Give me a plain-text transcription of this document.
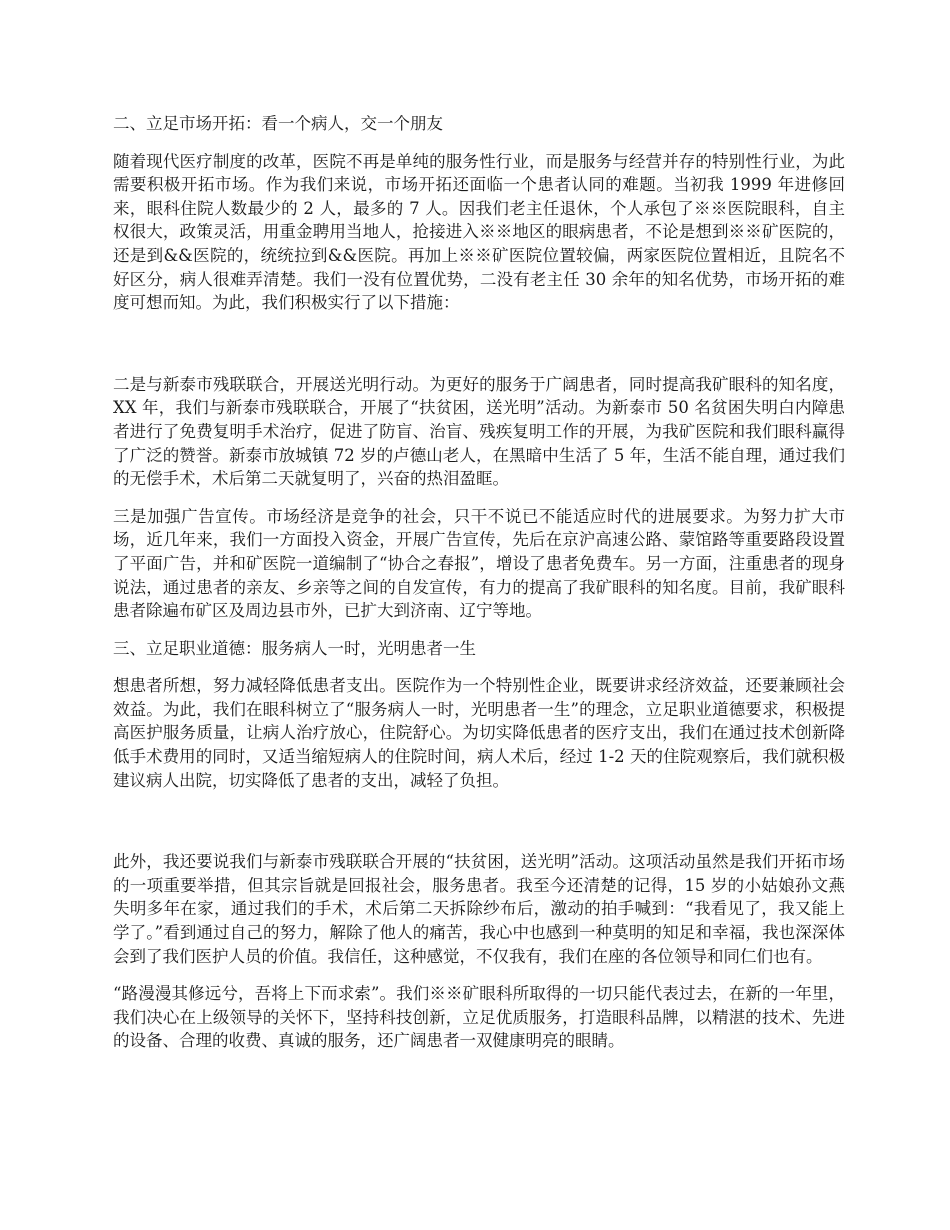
二、立足市场开拓：看一个病人，交一个朋友

随着现代医疗制度的改革，医院不再是单纯的服务性行业，而是服务与经营并存的特别性行业，为此需要积极开拓市场。作为我们来说，市场开拓还面临一个患者认同的难题。当初我 1999 年进修回来，眼科住院人数最少的 2 人，最多的 7 人。因我们老主任退休，个人承包了※※医院眼科，自主权很大，政策灵活，用重金聘用当地人，抢接进入※※地区的眼病患者，不论是想到※※矿医院的，还是到&&医院的，统统拉到&&医院。再加上※※矿医院位置较偏，两家医院位置相近，且院名不好区分，病人很难弄清楚。我们一没有位置优势，二没有老主任 30 余年的知名优势，市场开拓的难度可想而知。为此，我们积极实行了以下措施：

二是与新泰市残联联合，开展送光明行动。为更好的服务于广阔患者，同时提高我矿眼科的知名度，XX 年，我们与新泰市残联联合，开展了“扶贫困，送光明”活动。为新泰市 50 名贫困失明白内障患者进行了免费复明手术治疗，促进了防盲、治盲、残疾复明工作的开展，为我矿医院和我们眼科赢得了广泛的赞誉。新泰市放城镇 72 岁的卢德山老人，在黑暗中生活了 5 年，生活不能自理，通过我们的无偿手术，术后第二天就复明了，兴奋的热泪盈眶。

三是加强广告宣传。市场经济是竞争的社会，只干不说已不能适应时代的进展要求。为努力扩大市场，近几年来，我们一方面投入资金，开展广告宣传，先后在京沪高速公路、蒙馆路等重要路段设置了平面广告，并和矿医院一道编制了“协合之春报”，增设了患者免费车。另一方面，注重患者的现身说法，通过患者的亲友、乡亲等之间的自发宣传，有力的提高了我矿眼科的知名度。目前，我矿眼科患者除遍布矿区及周边县市外，已扩大到济南、辽宁等地。

三、立足职业道德：服务病人一时，光明患者一生

想患者所想，努力减轻降低患者支出。医院作为一个特别性企业，既要讲求经济效益，还要兼顾社会效益。为此，我们在眼科树立了“服务病人一时，光明患者一生”的理念，立足职业道德要求，积极提高医护服务质量，让病人治疗放心，住院舒心。为切实降低患者的医疗支出，我们在通过技术创新降低手术费用的同时，又适当缩短病人的住院时间，病人术后，经过 1-2 天的住院观察后，我们就积极建议病人出院，切实降低了患者的支出，减轻了负担。

此外，我还要说我们与新泰市残联联合开展的“扶贫困，送光明”活动。这项活动虽然是我们开拓市场的一项重要举措，但其宗旨就是回报社会，服务患者。我至今还清楚的记得，15 岁的小姑娘孙文燕失明多年在家，通过我们的手术，术后第二天拆除纱布后，激动的拍手喊到：“我看见了，我又能上学了。”看到通过自己的努力，解除了他人的痛苦，我心中也感到一种莫明的知足和幸福，我也深深体会到了我们医护人员的价值。我信任，这种感觉，不仅我有，我们在座的各位领导和同仁们也有。

“路漫漫其修远兮，吾将上下而求索”。我们※※矿眼科所取得的一切只能代表过去，在新的一年里，我们决心在上级领导的关怀下，坚持科技创新，立足优质服务，打造眼科品牌，以精湛的技术、先进的设备、合理的收费、真诚的服务，还广阔患者一双健康明亮的眼睛。
